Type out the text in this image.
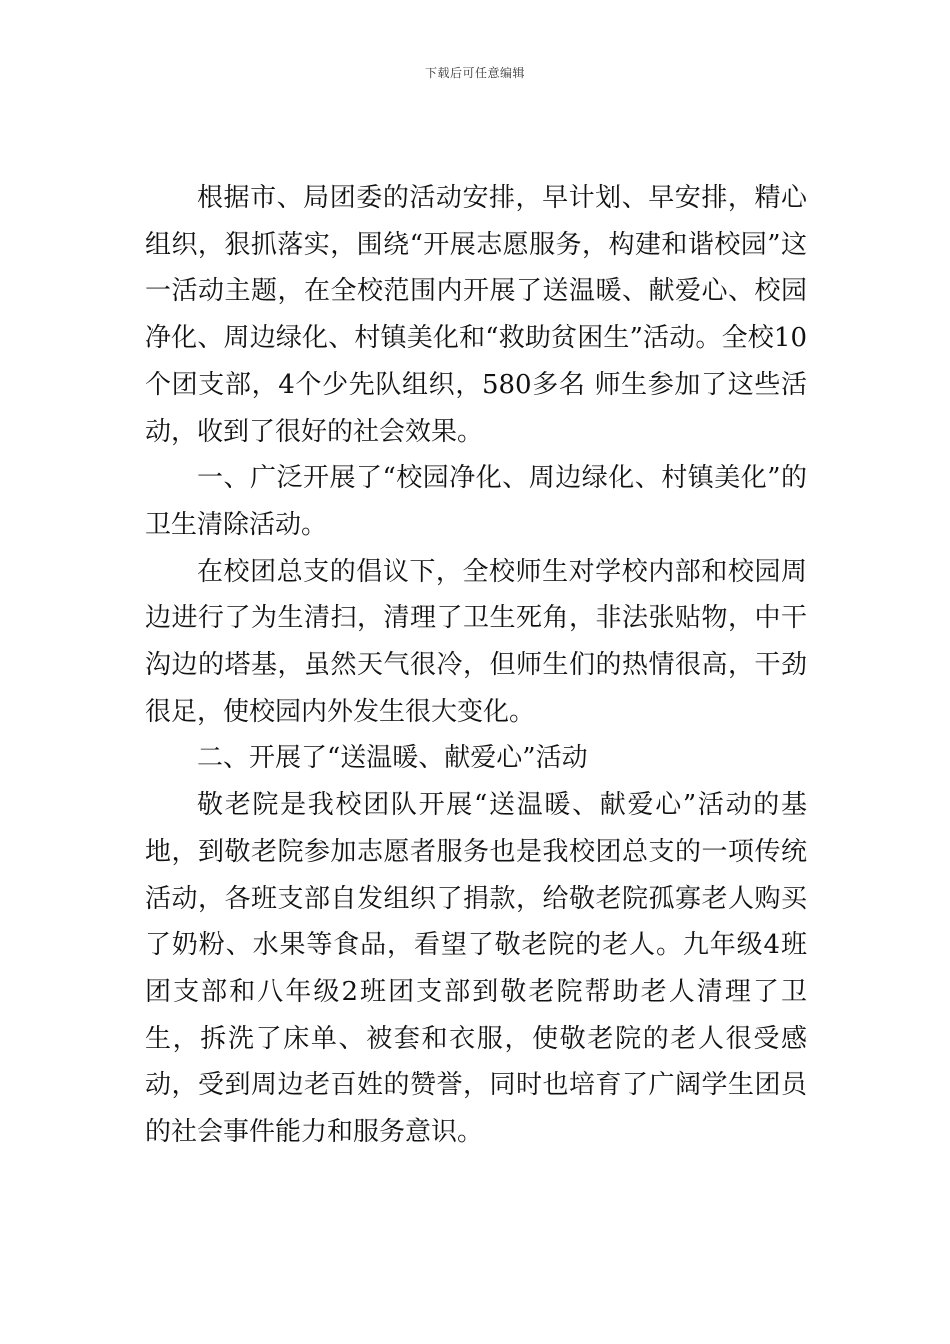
下载后可任意编辑

根据市、局团委的活动安排，早计划、早安排，精心组织，狠抓落实，围绕“开展志愿服务，构建和谐校园”这一活动主题，在全校范围内开展了送温暖、献爱心、校园净化、周边绿化、村镇美化和“救助贫困生”活动。全校10个团支部，4个少先队组织，580多名 师生参加了这些活动，收到了很好的社会效果。

一、广泛开展了“校园净化、周边绿化、村镇美化”的卫生清除活动。

在校团总支的倡议下，全校师生对学校内部和校园周边进行了为生清扫，清理了卫生死角，非法张贴物，中干沟边的塔基，虽然天气很冷，但师生们的热情很高，干劲很足，使校园内外发生很大变化。

二、开展了“送温暖、献爱心”活动

敬老院是我校团队开展“送温暖、献爱心”活动的基地，到敬老院参加志愿者服务也是我校团总支的一项传统活动，各班支部自发组织了捐款，给敬老院孤寡老人购买了奶粉、水果等食品，看望了敬老院的老人。九年级4班团支部和八年级2班团支部到敬老院帮助老人清理了卫生，拆洗了床单、被套和衣服，使敬老院的老人很受感动，受到周边老百姓的赞誉，同时也培育了广阔学生团员的社会事件能力和服务意识。
